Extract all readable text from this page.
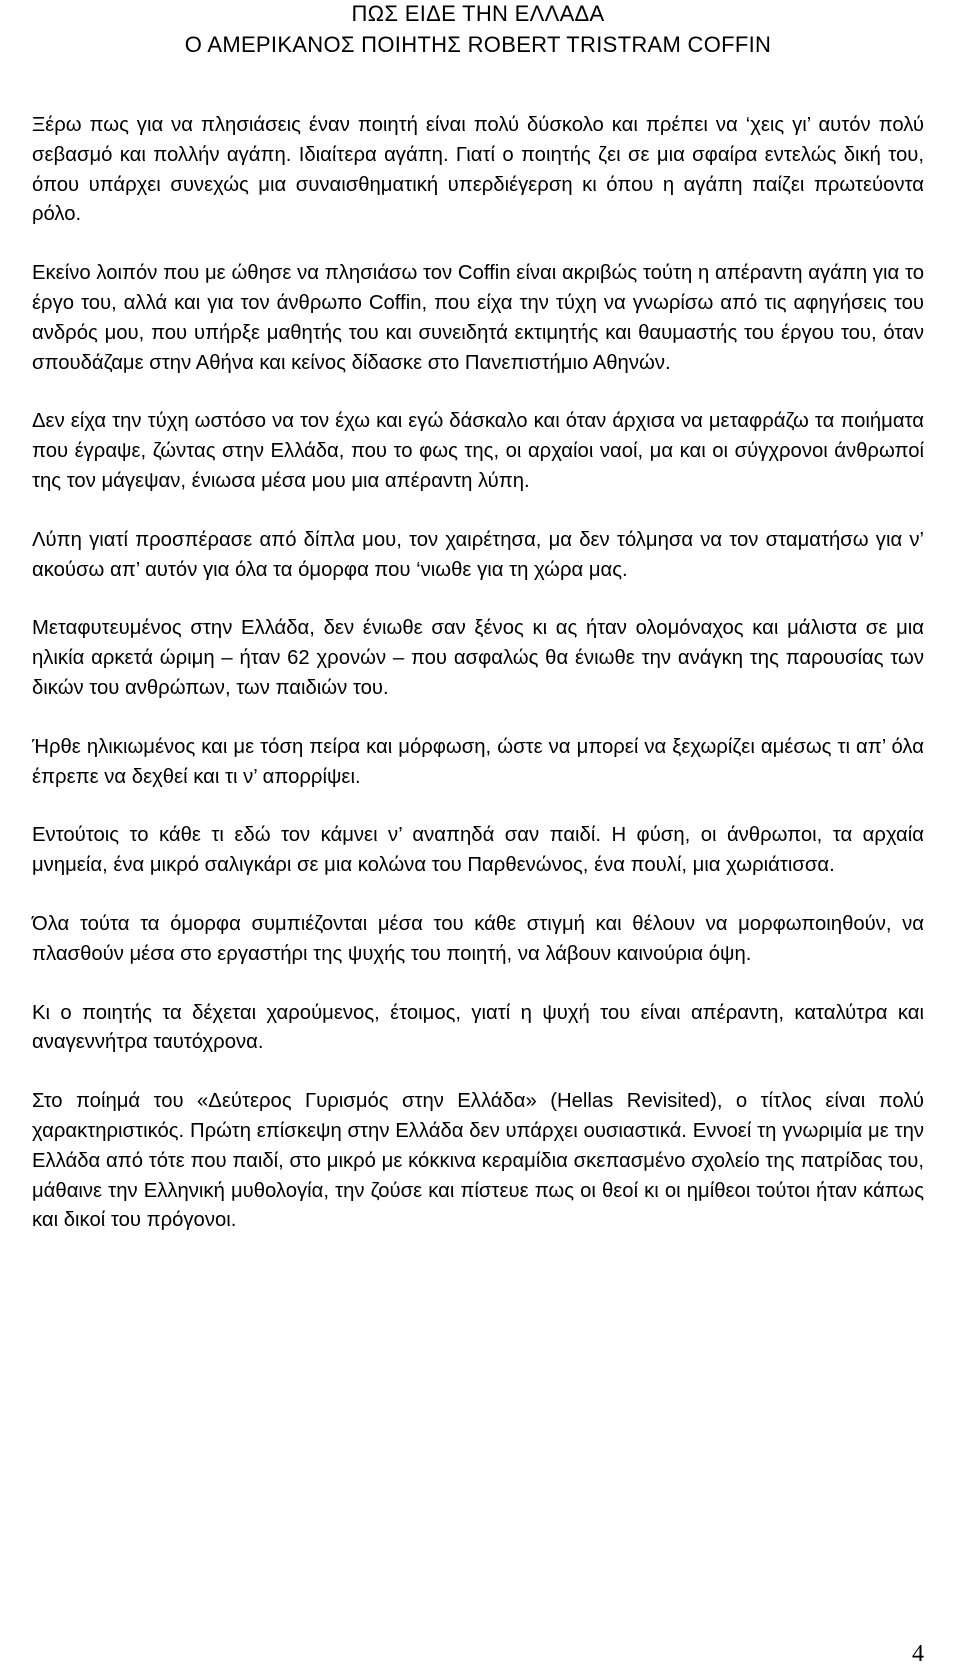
ΠΩΣ ΕΙΔΕ ΤΗΝ ΕΛΛΑΔΑ
Ο ΑΜΕΡΙΚΑΝΟΣ ΠΟΙΗΤΗΣ ROBERT TRISTRAM COFFIN

Ξέρω πως για να πλησιάσεις έναν ποιητή είναι πολύ δύσκολο και πρέπει να ‘χεις γι’ αυτόν πολύ σεβασμό και πολλήν αγάπη. Ιδιαίτερα αγάπη. Γιατί ο ποιητής ζει σε μια σφαίρα εντελώς δική του, όπου υπάρχει συνεχώς μια συναισθηματική υπερδιέγερση κι όπου η αγάπη παίζει πρωτεύοντα ρόλο.

Εκείνο λοιπόν που με ώθησε να πλησιάσω τον Coffin είναι ακριβώς τούτη η απέραντη αγάπη για το έργο του, αλλά και για τον άνθρωπο Coffin, που είχα την τύχη να γνωρίσω από τις αφηγήσεις του ανδρός μου, που υπήρξε μαθητής του και συνειδητά εκτιμητής και θαυμαστής του έργου του, όταν σπουδάζαμε στην Αθήνα και κείνος δίδασκε στο Πανεπιστήμιο Αθηνών.

Δεν είχα την τύχη ωστόσο να τον έχω και εγώ δάσκαλο και όταν άρχισα να μεταφράζω τα ποιήματα που έγραψε, ζώντας στην Ελλάδα, που το φως της, οι αρχαίοι ναοί, μα και οι σύγχρονοι άνθρωποί της τον μάγεψαν, ένιωσα μέσα μου μια απέραντη λύπη.

Λύπη γιατί προσπέρασε από δίπλα μου, τον χαιρέτησα, μα δεν τόλμησα να τον σταματήσω για ν’ ακούσω απ’ αυτόν για όλα τα όμορφα που ‘νιωθε για τη χώρα μας.

Μεταφυτευμένος στην Ελλάδα, δεν ένιωθε σαν ξένος κι ας ήταν ολομόναχος και μάλιστα σε μια ηλικία αρκετά ώριμη – ήταν 62 χρονών – που ασφαλώς θα ένιωθε την ανάγκη της παρουσίας των δικών του ανθρώπων, των παιδιών του.

Ήρθε ηλικιωμένος και με τόση πείρα και μόρφωση, ώστε να μπορεί να ξεχωρίζει αμέσως τι απ’ όλα έπρεπε να δεχθεί και τι ν’ απορρίψει.

Εντούτοις το κάθε τι εδώ τον κάμνει ν’ αναπηδά σαν παιδί. Η φύση, οι άνθρωποι, τα αρχαία μνημεία, ένα μικρό σαλιγκάρι σε μια κολώνα του Παρθενώνος, ένα πουλί, μια χωριάτισσα.

Όλα τούτα τα όμορφα συμπιέζονται μέσα του κάθε στιγμή και θέλουν να μορφωποιηθούν, να πλασθούν μέσα στο εργαστήρι της ψυχής του ποιητή, να λάβουν καινούρια όψη.

Κι ο ποιητής τα δέχεται χαρούμενος, έτοιμος, γιατί η ψυχή του είναι απέραντη, καταλύτρα και αναγεννήτρα ταυτόχρονα.

Στο ποίημά του «Δεύτερος Γυρισμός στην Ελλάδα» (Hellas Revisited), ο τίτλος είναι πολύ χαρακτηριστικός. Πρώτη επίσκεψη στην Ελλάδα δεν υπάρχει ουσιαστικά. Εννοεί τη γνωριμία με την Ελλάδα από τότε που παιδί, στο μικρό με κόκκινα κεραμίδια σκεπασμένο σχολείο της πατρίδας του, μάθαινε την Ελληνική μυθολογία, την ζούσε και πίστευε πως οι θεοί κι οι ημίθεοι τούτοι ήταν κάπως και δικοί του πρόγονοι.

4
